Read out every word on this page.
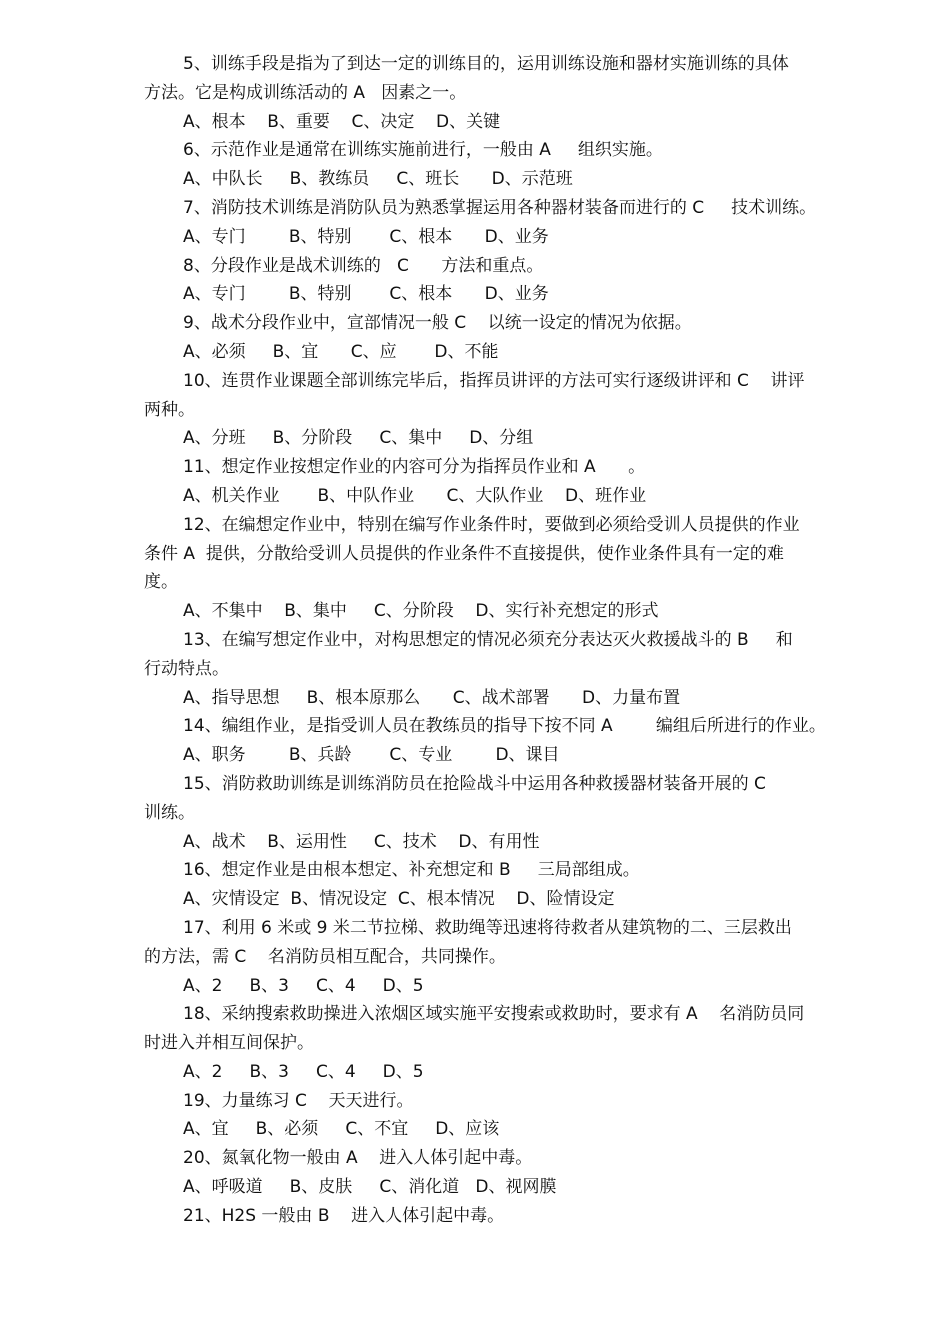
5、训练手段是指为了到达一定的训练目的，运用训练设施和器材实施训练的具体
方法。它是构成训练活动的 A   因素之一。
A、根本    B、重要    C、决定    D、关键
6、示范作业是通常在训练实施前进行，一般由 A     组织实施。
A、中队长     B、教练员     C、班长      D、示范班
7、消防技术训练是消防队员为熟悉掌握运用各种器材装备而进行的 C     技术训练。
A、专门        B、特别       C、根本      D、业务
8、分段作业是战术训练的   C      方法和重点。
A、专门        B、特别       C、根本      D、业务
9、战术分段作业中，宣部情况一般 C    以统一设定的情况为依据。
A、必须     B、宜      C、应       D、不能
10、连贯作业课题全部训练完毕后，指挥员讲评的方法可实行逐级讲评和 C    讲评
两种。
A、分班     B、分阶段     C、集中     D、分组
11、想定作业按想定作业的内容可分为指挥员作业和 A      。
A、机关作业       B、中队作业      C、大队作业    D、班作业
12、在编想定作业中，特别在编写作业条件时，要做到必须给受训人员提供的作业
条件 A  提供，分散给受训人员提供的作业条件不直接提供，使作业条件具有一定的难
度。
A、不集中    B、集中     C、分阶段    D、实行补充想定的形式
13、在编写想定作业中，对构思想定的情况必须充分表达灭火救援战斗的 B     和
行动特点。
A、指导思想     B、根本原那么      C、战术部署      D、力量布置
14、编组作业，是指受训人员在教练员的指导下按不同 A        编组后所进行的作业。
A、职务        B、兵龄       C、专业        D、课目
15、消防救助训练是训练消防员在抢险战斗中运用各种救援器材装备开展的 C
训练。
A、战术    B、运用性     C、技术    D、有用性
16、想定作业是由根本想定、补充想定和 B     三局部组成。
A、灾情设定  B、情况设定  C、根本情况    D、险情设定
17、利用 6 米或 9 米二节拉梯、救助绳等迅速将待救者从建筑物的二、三层救出
的方法，需 C    名消防员相互配合，共同操作。
A、2     B、3     C、4     D、5
18、采纳搜索救助操进入浓烟区域实施平安搜索或救助时，要求有 A    名消防员同
时进入并相互间保护。
A、2     B、3     C、4     D、5
19、力量练习 C    天天进行。
A、宜     B、必须     C、不宜     D、应该
20、氮氧化物一般由 A    进入人体引起中毒。
A、呼吸道     B、皮肤     C、消化道   D、视网膜
21、H2S 一般由 B    进入人体引起中毒。
